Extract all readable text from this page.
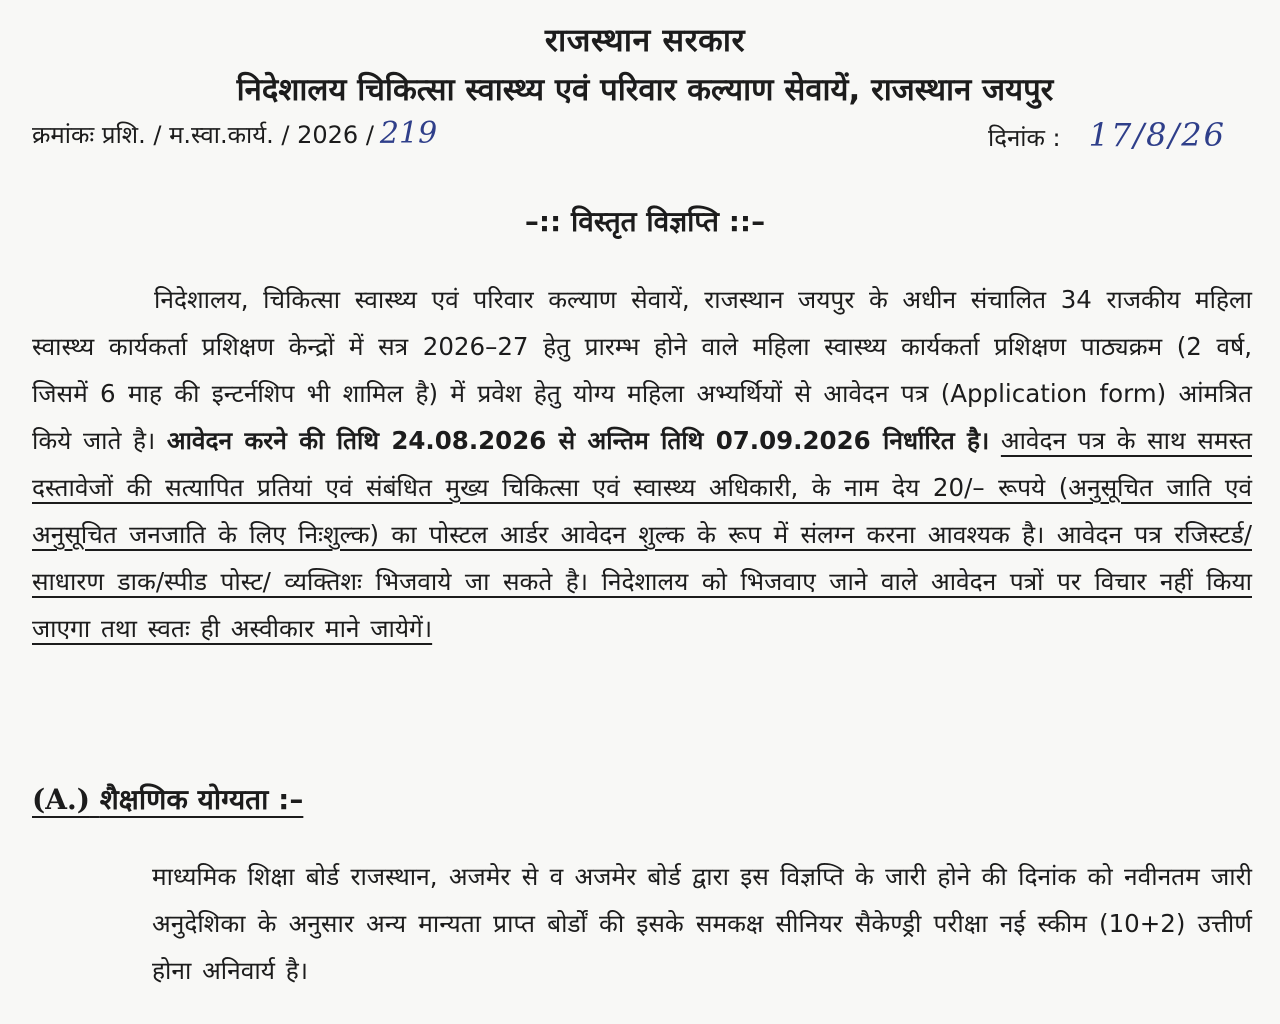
राजस्थान सरकार
निदेशालय चिकित्सा स्वास्थ्य एवं परिवार कल्याण सेवायें, राजस्थान जयपुर
क्रमांकः प्रशि. / म.स्वा.कार्य. / 2026 / 219	दिनांक : 17/8/26
–:: विस्तृत विज्ञप्ति ::–
निदेशालय, चिकित्सा स्वास्थ्य एवं परिवार कल्याण सेवायें, राजस्थान जयपुर के अधीन संचालित 34 राजकीय महिला स्वास्थ्य कार्यकर्ता प्रशिक्षण केन्द्रों में सत्र 2026–27 हेतु प्रारम्भ होने वाले महिला स्वास्थ्य कार्यकर्ता प्रशिक्षण पाठ्यक्रम (2 वर्ष, जिसमें 6 माह की इन्टर्नशिप भी शामिल है) में प्रवेश हेतु योग्य महिला अभ्यर्थियों से आवेदन पत्र (Application form) आंमत्रित किये जाते है। आवेदन करने की तिथि 24.08.2026 से अन्तिम तिथि 07.09.2026 निर्धारित है। आवेदन पत्र के साथ समस्त दस्तावेजों की सत्यापित प्रतियां एवं संबंधित मुख्य चिकित्सा एवं स्वास्थ्य अधिकारी, के नाम देय 20/– रूपये (अनुसूचित जाति एवं अनुसूचित जनजाति के लिए निःशुल्क) का पोस्टल आर्डर आवेदन शुल्क के रूप में संलग्न करना आवश्यक है। आवेदन पत्र रजिस्टर्ड/साधारण डाक/स्पीड पोस्ट/ व्यक्तिशः भिजवाये जा सकते है। निदेशालय को भिजवाए जाने वाले आवेदन पत्रों पर विचार नहीं किया जाएगा तथा स्वतः ही अस्वीकार माने जायेगें।
(A.) शैक्षणिक योग्यता :–
माध्यमिक शिक्षा बोर्ड राजस्थान, अजमेर से व अजमेर बोर्ड द्वारा इस विज्ञप्ति के जारी होने की दिनांक को नवीनतम जारी अनुदेशिका के अनुसार अन्य मान्यता प्राप्त बोर्डों की इसके समकक्ष सीनियर सैकेण्ड्री परीक्षा नई स्कीम (10+2) उत्तीर्ण होना अनिवार्य है।
